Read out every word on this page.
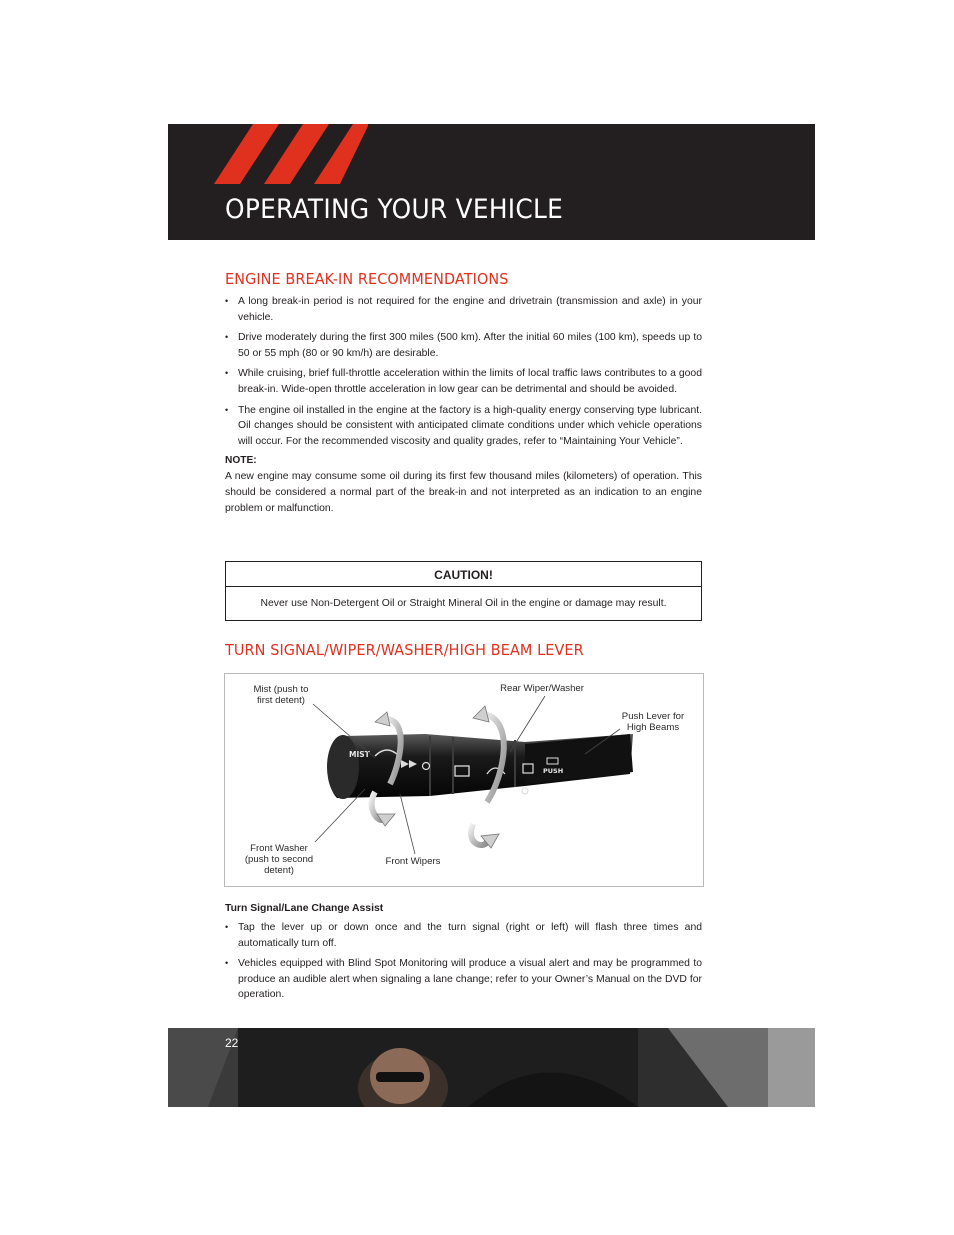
OPERATING YOUR VEHICLE
ENGINE BREAK-IN RECOMMENDATIONS
• A long break-in period is not required for the engine and drivetrain (transmission and axle) in your vehicle.
• Drive moderately during the first 300 miles (500 km). After the initial 60 miles (100 km), speeds up to 50 or 55 mph (80 or 90 km/h) are desirable.
• While cruising, brief full-throttle acceleration within the limits of local traffic laws contributes to a good break-in. Wide-open throttle acceleration in low gear can be detrimental and should be avoided.
• The engine oil installed in the engine at the factory is a high-quality energy conserving type lubricant. Oil changes should be consistent with anticipated climate conditions under which vehicle operations will occur. For the recommended viscosity and quality grades, refer to “Maintaining Your Vehicle”.

NOTE:

A new engine may consume some oil during its first few thousand miles (kilometers) of operation. This should be considered a normal part of the break-in and not interpreted as an indication to an engine problem or malfunction.

CAUTION!
Never use Non-Detergent Oil or Straight Mineral Oil in the engine or damage may result.
TURN SIGNAL/WIPER/WASHER/HIGH BEAM LEVER
MIST
PUSH
Mist (push to first detent)
Rear Wiper/Washer
Push Lever for High Beams
Front Washer (push to second detent)
Front Wipers

Turn Signal/Lane Change Assist

• Tap the lever up or down once and the turn signal (right or left) will flash three times and automatically turn off.
• Vehicles equipped with Blind Spot Monitoring will produce a visual alert and may be programmed to produce an audible alert when signaling a lane change; refer to your Owner’s Manual on the DVD for operation.
22
